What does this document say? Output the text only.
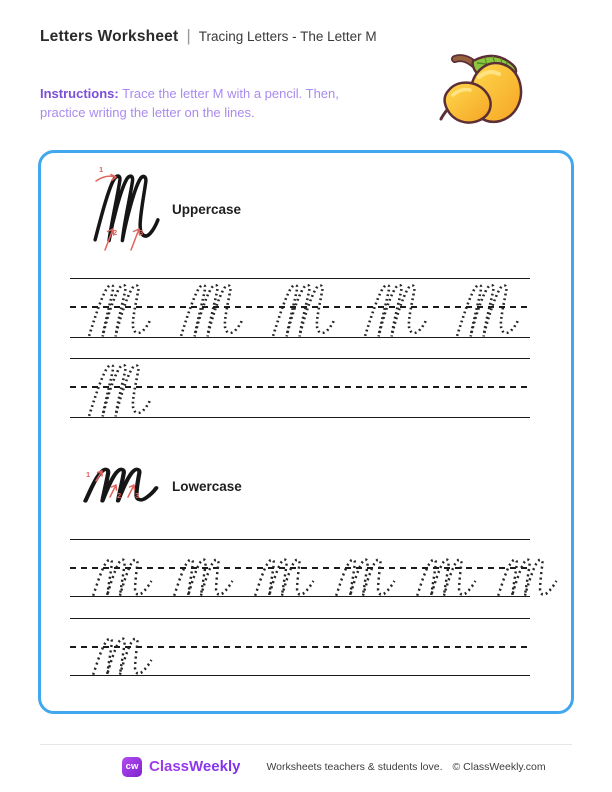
Letters Worksheet | Tracing Letters - The Letter M
Instructions: Trace the letter M with a pencil. Then, practice writing the letter on the lines.
1
2	3
Uppercase
1
2 3
Lowercase
cw ClassWeekly Worksheets teachers & students love. © ClassWeekly.com
